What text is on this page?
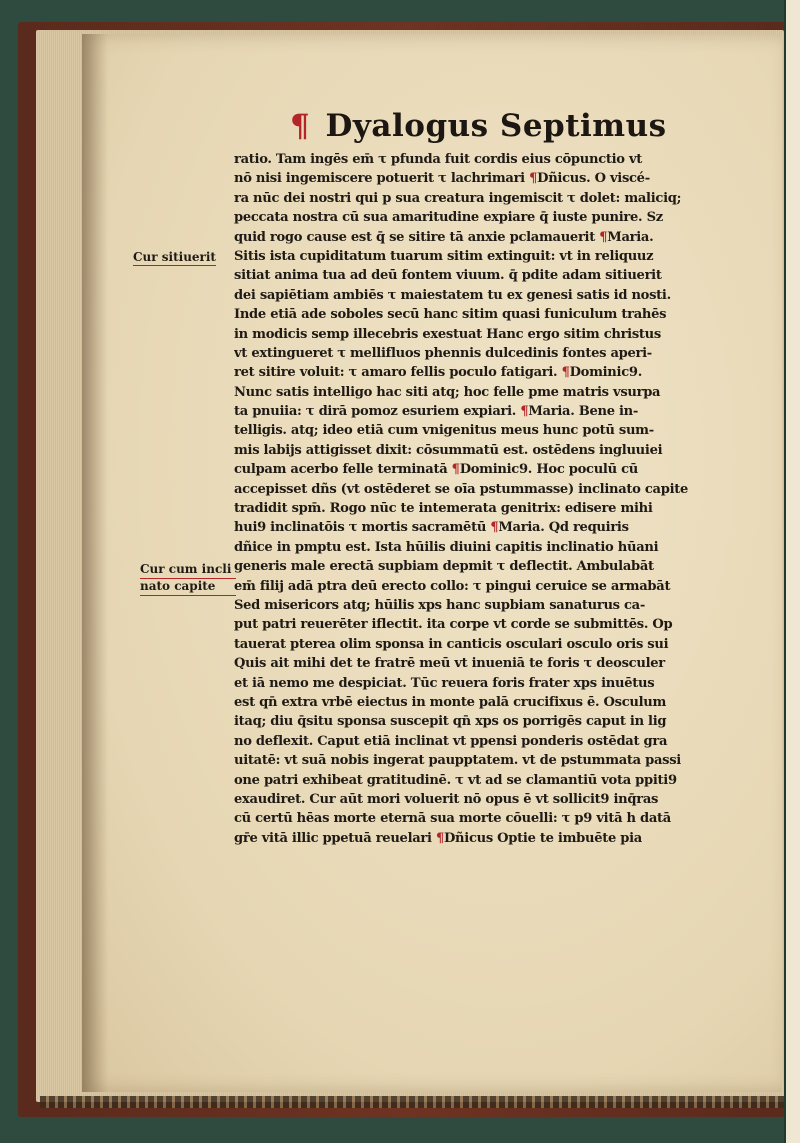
¶ Dyalogus Septimus
Cur sitiuerit
Cur cum incli
nato capite
ratio. Tam ingēs em̄ τ pfunda fuit cordis eius cōpunctio vt
nō nisi ingemiscere potuerit τ lachrimari ¶Dñicus. O viscé-
ra nūc dei nostri qui p sua creatura ingemiscit τ dolet: maliciq;
peccata nostra cū sua amaritudine expiare q̄ iuste punire. Sz
quid rogo cause est q̄ se sitire tā anxie pclamauerit ¶Maria.
Sitis ista cupiditatum tuarum sitim extinguit: vt in reliquuz
sitiat anima tua ad deū fontem viuum. q̄ pdite adam sitiuerit
dei sapiētiam ambiēs τ maiestatem tu ex genesi satis id nosti.
Inde etiā ade soboles secū hanc sitim quasi funiculum trahēs
in modicis semp illecebris exestuat Hanc ergo sitim christus
vt extingueret τ mellifluos phennis dulcedinis fontes aperi-
ret sitire voluit: τ amaro fellis poculo fatigari. ¶Dominic9.
Nunc satis intelligo hac siti atq; hoc felle pme matris vsurpa
ta pnuiia: τ dirā pomoz esuriem expiari. ¶Maria. Bene in-
telligis. atq; ideo etiā cum vnigenitus meus hunc potū sum-
mis labijs attigisset dixit: cōsummatū est. ostēdens ingluuiei
culpam acerbo felle terminatā ¶Dominic9. Hoc poculū cū
accepisset dñs (vt ostēderet se oīa pstummasse) inclinato capite
tradidit spm̄. Rogo nūc te intemerata genitrix: edisere mihi
hui9 inclinatōis τ mortis sacramētū ¶Maria. Qd requiris
dñice in pmptu est. Ista hūilis diuini capitis inclinatio hūani
generis male erectā supbiam depmit τ deflectit. Ambulabāt
em̄ filij adā ptra deū erecto collo: τ pingui ceruice se armabāt
Sed misericors atq; hūilis xps hanc supbiam sanaturus ca-
put patri reuerēter iflectit. ita corpe vt corde se submittēs. Op
tauerat pterea olim sponsa in canticis osculari osculo oris sui
Quis ait mihi det te fratrē meū vt inueniā te foris τ deosculer
et iā nemo me despiciat. Tūc reuera foris frater xps inuētus
est qn̄ extra vrbē eiectus in monte palā crucifixus ē. Osculum
itaq; diu q̄situ sponsa suscepit qn̄ xps os porrigēs caput in lig
no deflexit. Caput etiā inclinat vt ppensi ponderis ostēdat gra
uitatē: vt suā nobis ingerat paupptatem. vt de pstummata passi
one patri exhibeat gratitudinē. τ vt ad se clamantiū vota ppiti9
exaudiret. Cur aūt mori voluerit nō opus ē vt sollicit9 inq̄ras
cū certū hēas morte eternā sua morte cōuelli: τ p9 vitā h datā
gr̄e vitā illic ppetuā reuelari ¶Dñicus Optie te imbuēte pia
